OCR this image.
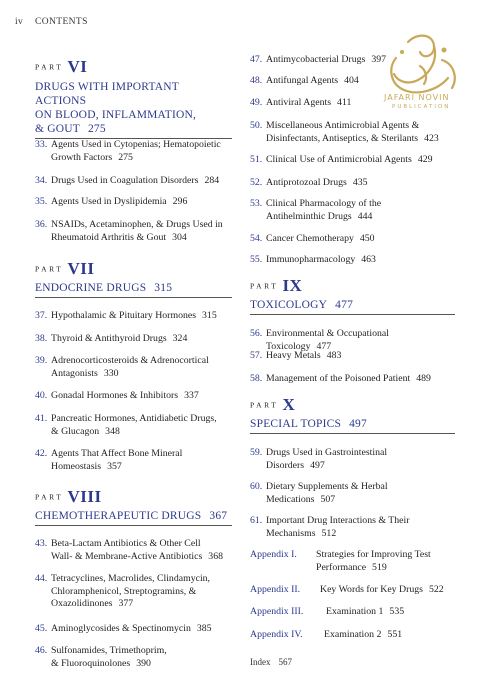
iv CONTENTS
PART VI
DRUGS WITH IMPORTANT ACTIONS
ON BLOOD, INFLAMMATION,
& GOUT 275
33. Agents Used in Cytopenias; Hematopoietic
Growth Factors 275
34. Drugs Used in Coagulation Disorders 284
35. Agents Used in Dyslipidemia 296
36. NSAIDs, Acetaminophen, & Drugs Used in
Rheumatoid Arthritis & Gout 304
PART VII
ENDOCRINE DRUGS 315
37. Hypothalamic & Pituitary Hormones 315
38. Thyroid & Antithyroid Drugs 324
39. Adrenocorticosteroids & Adrenocortical
Antagonists 330
40. Gonadal Hormones & Inhibitors 337
41. Pancreatic Hormones, Antidiabetic Drugs,
& Glucagon 348
42. Agents That Affect Bone Mineral
Homeostasis 357
PART VIII
CHEMOTHERAPEUTIC DRUGS 367
43. Beta-Lactam Antibiotics & Other Cell
Wall- & Membrane-Active Antibiotics 368
44. Tetracyclines, Macrolides, Clindamycin,
Chloramphenicol, Streptogramins, &
Oxazolidinones 377
45. Aminoglycosides & Spectinomycin 385
46. Sulfonamides, Trimethoprim,
& Fluoroquinolones 390
47. Antimycobacterial Drugs 397
48. Antifungal Agents 404
49. Antiviral Agents 411
50. Miscellaneous Antimicrobial Agents &
Disinfectants, Antiseptics, & Sterilants 423
51. Clinical Use of Antimicrobial Agents 429
52. Antiprotozoal Drugs 435
53. Clinical Pharmacology of the
Antihelminthic Drugs 444
54. Cancer Chemotherapy 450
55. Immunopharmacology 463
PART IX
TOXICOLOGY 477
56. Environmental & Occupational Toxicology 477
57. Heavy Metals 483
58. Management of the Poisoned Patient 489
PART X
SPECIAL TOPICS 497
59. Drugs Used in Gastrointestinal
Disorders 497
60. Dietary Supplements & Herbal
Medications 507
61. Important Drug Interactions & Their
Mechanisms 512
Appendix I. Strategies for Improving Test
Performance 519
Appendix II. Key Words for Key Drugs 522
Appendix III. Examination 1 535
Appendix IV. Examination 2 551
Index 567
JAFARI NOVIN
PUBLICATION
